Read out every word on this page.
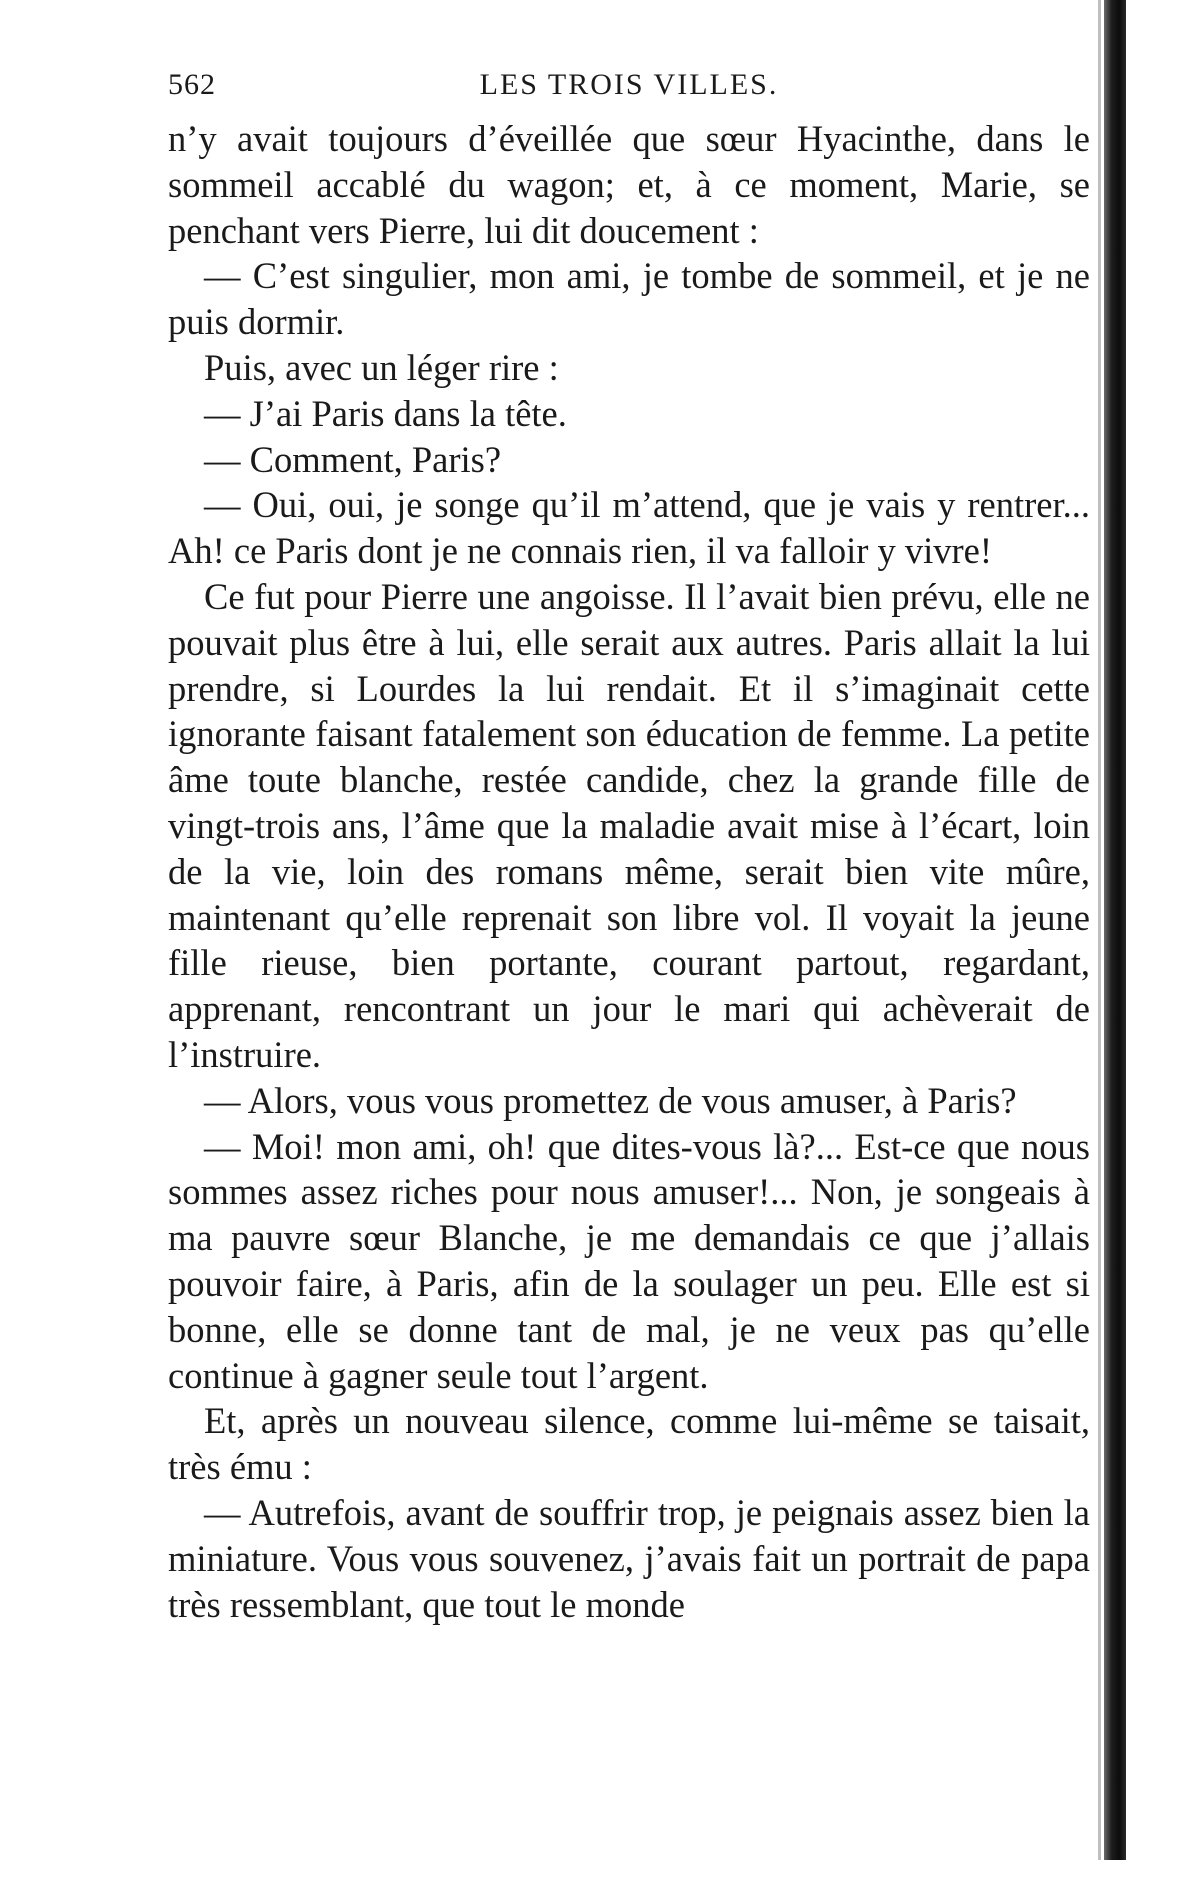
562	LES TROIS VILLES.

n’y avait toujours d’éveillée que sœur Hyacinthe, dans le sommeil accablé du wagon; et, à ce moment, Marie, se penchant vers Pierre, lui dit doucement :

— C’est singulier, mon ami, je tombe de sommeil, et je ne puis dormir.

Puis, avec un léger rire :

— J’ai Paris dans la tête.

— Comment, Paris?

— Oui, oui, je songe qu’il m’attend, que je vais y rentrer... Ah! ce Paris dont je ne connais rien, il va falloir y vivre!

Ce fut pour Pierre une angoisse. Il l’avait bien prévu, elle ne pouvait plus être à lui, elle serait aux autres. Paris allait la lui prendre, si Lourdes la lui rendait. Et il s’imaginait cette ignorante faisant fatalement son éducation de femme. La petite âme toute blanche, restée candide, chez la grande fille de vingt-trois ans, l’âme que la maladie avait mise à l’écart, loin de la vie, loin des romans même, serait bien vite mûre, maintenant qu’elle reprenait son libre vol. Il voyait la jeune fille rieuse, bien portante, courant partout, regardant, apprenant, rencontrant un jour le mari qui achèverait de l’instruire.

— Alors, vous vous promettez de vous amuser, à Paris?

— Moi! mon ami, oh! que dites-vous là?... Est-ce que nous sommes assez riches pour nous amuser!... Non, je songeais à ma pauvre sœur Blanche, je me demandais ce que j’allais pouvoir faire, à Paris, afin de la soulager un peu. Elle est si bonne, elle se donne tant de mal, je ne veux pas qu’elle continue à gagner seule tout l’argent.

Et, après un nouveau silence, comme lui-même se taisait, très ému :

— Autrefois, avant de souffrir trop, je peignais assez bien la miniature. Vous vous souvenez, j’avais fait un portrait de papa très ressemblant, que tout le monde
